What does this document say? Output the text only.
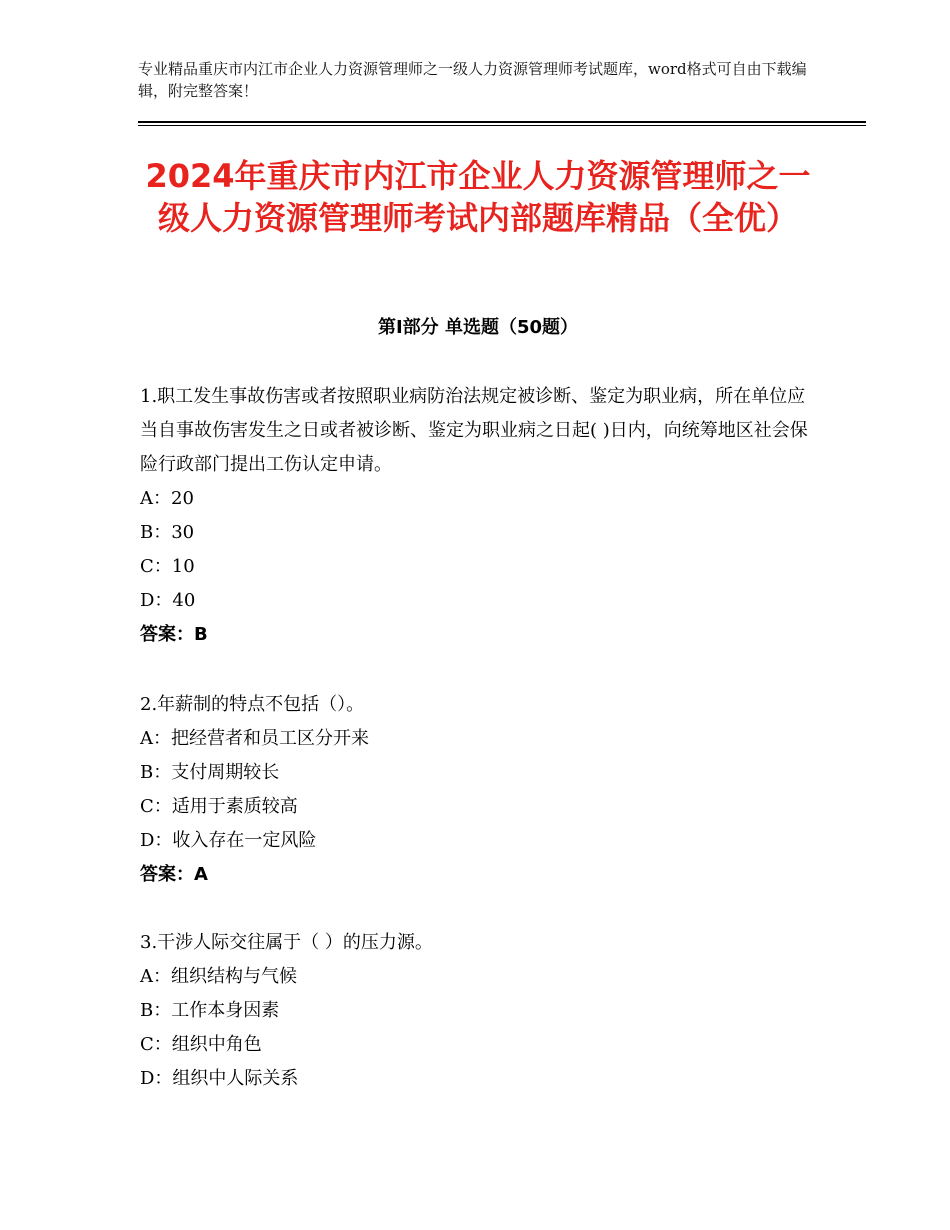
专业精品重庆市内江市企业人力资源管理师之一级人力资源管理师考试题库，word格式可自由下载编辑，附完整答案！
2024年重庆市内江市企业人力资源管理师之一级人力资源管理师考试内部题库精品（全优）
第Ⅰ部分 单选题（50题）

1.职工发生事故伤害或者按照职业病防治法规定被诊断、鉴定为职业病，所在单位应当自事故伤害发生之日或者被诊断、鉴定为职业病之日起( )日内，向统筹地区社会保险行政部门提出工伤认定申请。

A：20

B：30

C：10

D：40

答案：B

2.年薪制的特点不包括（）。

A：把经营者和员工区分开来

B：支付周期较长

C：适用于素质较高

D：收入存在一定风险

答案：A

3.干涉人际交往属于（ ）的压力源。

A：组织结构与气候

B：工作本身因素

C：组织中角色

D：组织中人际关系
